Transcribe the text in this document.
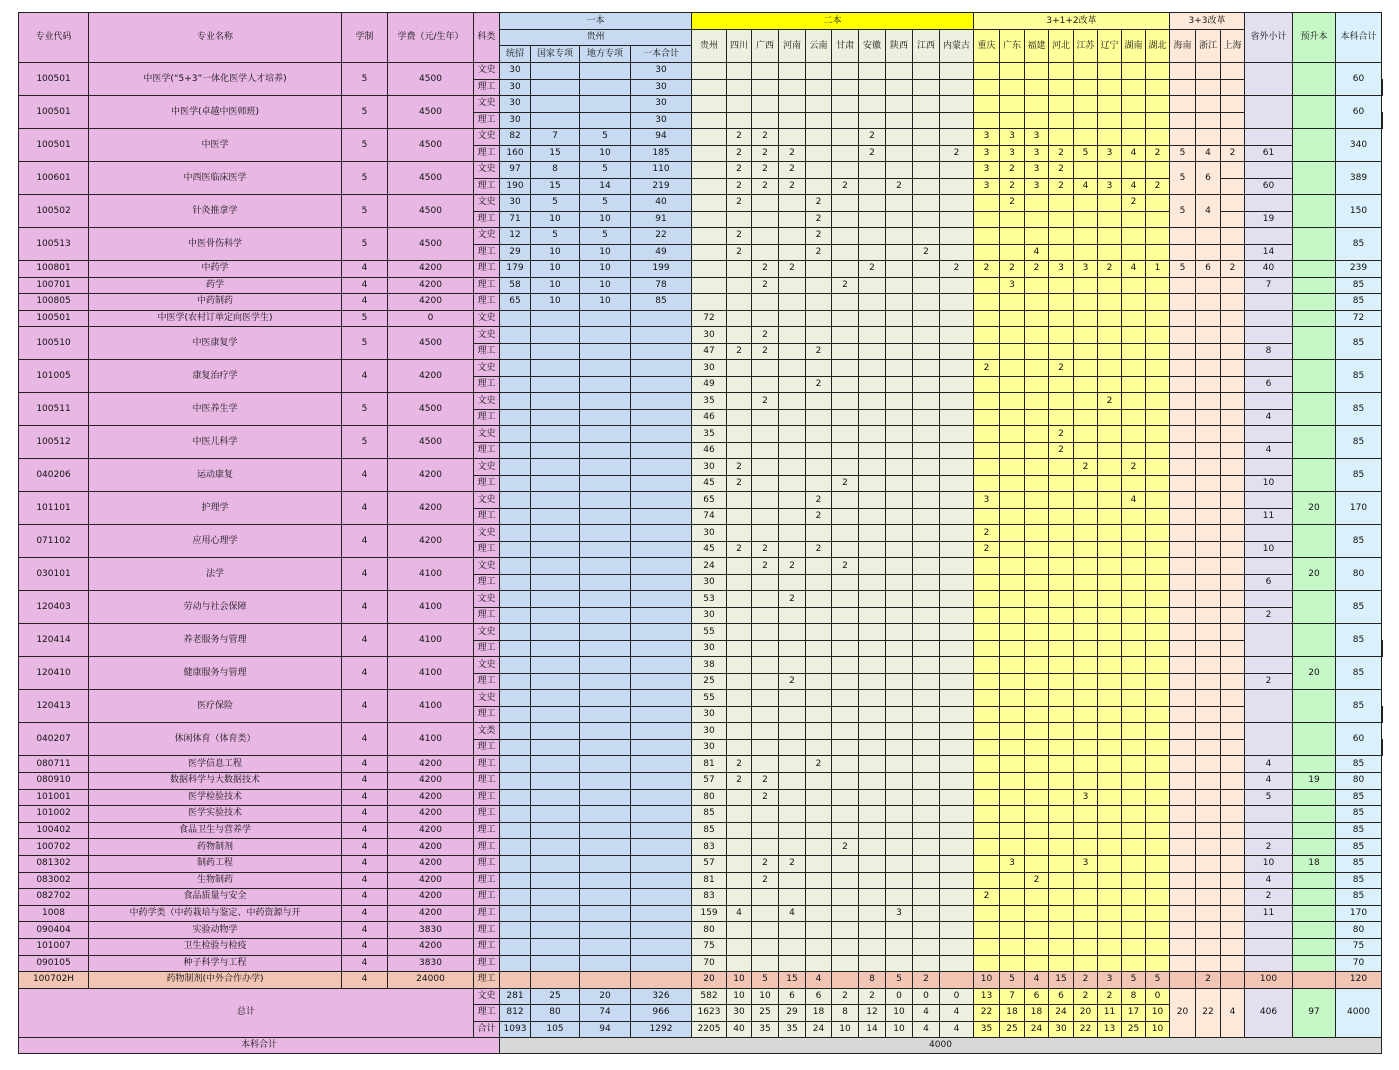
专业代码	专业名称	学制	学费（元/生年）	科类	一本				二本										3+1+2改革								3+3改革			省外小计	预升本	本科合计	
					贵州				贵州	四川	广西	河南	云南	甘肃	安徽	陕西	江西	内蒙古	重庆	广东	福建	河北	江苏	辽宁	湖南	湖北	海南	浙江	上海				
					统招	国家专项	地方专项	一本合计																									
100501	中医学(“5+3”一体化医学人才培养)	5	4500	文史	30			30																								60	
				理工	30			30																									
100501	中医学(卓越中医师班)	5	4500	文史	30			30																								60	
				理工	30			30																									
100501	中医学	5	4500	文史	82	7	5	94		2	2				2				3	3	3											340	
				理工	160	15	10	185		2	2	2			2			2	3	3	3	2	5	3	4	2	5	4	2	61			
100601	中西医临床医学	5	4500	文史	97	8	5	110		2	2	2							3	2	3	2					5	6				389	
				理工	190	15	14	219		2	2	2		2		2			3	2	3	2	4	3	4	2				60			
100502	针灸推拿学	5	4500	文史	30	5	5	40		2			2							2					2		5	4				150	
				理工	71	10	10	91					2																	19			
100513	中医骨伤科学	5	4500	文史	12	5	5	22		2			2																			85	
				理工	29	10	10	49		2			2				2				4									14			
100801	中药学	4	4200	理工	179	10	10	199			2	2			2			2	2	2	2	3	3	2	4	1	5	6	2	40		239	
100701	药学	4	4200	理工	58	10	10	78			2			2						3										7		85	
100805	中药制药	4	4200	理工	65	10	10	85																								85	
100501	中医学(农村订单定向医学生)	5	0	文史					72																							72	
100510	中医康复学	5	4500	文史					30		2																					85	
				理工					47	2	2		2																	8			
101005	康复治疗学	4	4200	文史					30										2			2										85	
				理工					49				2																	6			
100511	中医养生学	5	4500	文史					35		2													2								85	
				理工					46																					4			
100512	中医儿科学	5	4500	文史					35													2										85	
				理工					46													2								4			
040206	运动康复	4	4200	文史					30	2													2		2							85	
				理工					45	2				2																10			
101101	护理学	4	4200	文史					65				2						3						4						20	170	
				理工					74				2																	11			
071102	应用心理学	4	4200	文史					30										2													85	
				理工					45	2	2		2						2											10			
030101	法学	4	4100	文史					24		2	2		2																	20	80	
				理工					30																					6			
120403	劳动与社会保障	4	4100	文史					53			2																				85	
				理工					30																					2			
120414	养老服务与管理	4	4100	文史					55																							85	
				理工					30																								
120410	健康服务与管理	4	4100	文史					38																						20	85	
				理工					25			2																		2			
120413	医疗保险	4	4100	文史					55																							85	
				理工					30																								
040207	休闲体育（体育类）	4	4100	文类					30																							60	
				理工					30																								
080711	医学信息工程	4	4200	理工					81	2			2																	4		85	
080910	数据科学与大数据技术	4	4200	理工					57	2	2																			4	19	80	
101001	医学检验技术	4	4200	理工					80		2												3							5		85	
101002	医学实验技术	4	4200	理工					85																							85	
100402	食品卫生与营养学	4	4200	理工					85																							85	
100702	药物制剂	4	4200	理工					83					2																2		85	
081302	制药工程	4	4200	理工					57		2	2								3			3							10	18	85	
083002	生物制药	4	4200	理工					81		2										2									4		85	
082702	食品质量与安全	4	4200	理工					83										2											2		85	
1008	中药学类（中药栽培与鉴定、中药资源与开	4	4200	理工					159	4		4				3														11		170	
090404	实验动物学	4	3830	理工					80																							80	
101007	卫生检验与检疫	4	4200	理工					75																							75	
090105	种子科学与工程	4	3830	理工					70																							70	
100702H	药物制剂(中外合作办学)	4	24000	理工					20	10	5	15	4		8	5	2		10	5	4	15	2	3	5	5		2		100		120	
总计				文史	281	25	20	326	582	10	10	6	6	2	2	0	0	0	13	7	6	6	2	2	8	0	20	22	4	406	97	4000	
				理工	812	80	74	966	1623	30	25	29	18	8	12	10	4	4	22	18	18	24	20	11	17	10							
				合计	1093	105	94	1292	2205	40	35	35	24	10	14	10	4	4	35	25	24	30	22	13	25	10							
本科合计					4000																												
